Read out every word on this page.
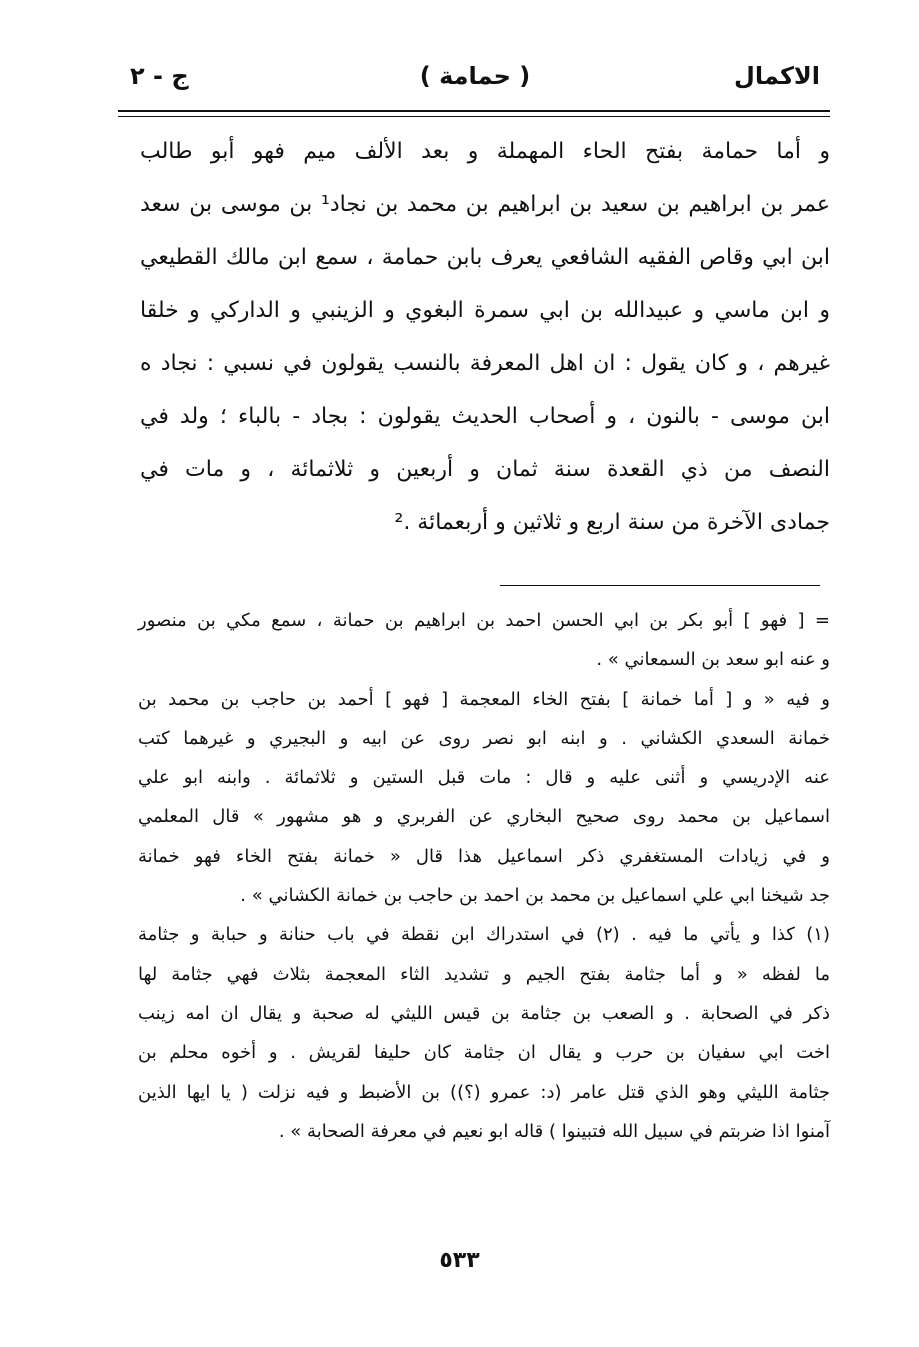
الاكمال
( حمامة )
ج - ٢
و أما حمامة بفتح الحاء المهملة و بعد الألف ميم فهو أبو طالب
عمر بن ابراهيم بن سعيد بن ابراهيم بن محمد بن نجاد¹ بن موسى بن سعد
ابن ابي وقاص الفقيه الشافعي يعرف بابن حمامة ، سمع ابن مالك القطيعي
و ابن ماسي و عبيدالله بن ابي سمرة البغوي و الزينبي و الداركي و خلقا
غيرهم ، و كان يقول : ان اهل المعرفة بالنسب يقولون في نسبي : نجاد ه
ابن موسى - بالنون ، و أصحاب الحديث يقولون : بجاد - بالباء ؛ ولد في
النصف من ذي القعدة سنة ثمان و أربعين و ثلاثمائة ، و مات في
جمادى الآخرة من سنة اربع و ثلاثين و أربعمائة .²
= [ فهو ] أبو بكر بن ابي الحسن احمد بن ابراهيم بن حمانة ، سمع مكي بن منصور
و عنه ابو سعد بن السمعاني » .
و فيه « و [ أما خمانة ] بفتح الخاء المعجمة [ فهو ] أحمد بن حاجب بن محمد بن
خمانة السعدي الكشاني . و ابنه ابو نصر روى عن ابيه و البجيري و غيرهما كتب
عنه الإدريسي و أثنى عليه و قال : مات قبل الستين و ثلاثمائة . وابنه ابو علي
اسماعيل بن محمد روى صحيح البخاري عن الفربري و هو مشهور » قال المعلمي
و في زيادات المستغفري ذكر اسماعيل هذا قال « خمانة بفتح الخاء فهو خمانة
جد شيخنا ابي علي اسماعيل بن محمد بن احمد بن حاجب بن خمانة الكشاني » .
(١) كذا و يأتي ما فيه . (٢) في استدراك ابن نقطة في باب حنانة و حبابة و جثامة
ما لفظه « و أما جثامة بفتح الجيم و تشديد الثاء المعجمة بثلاث فهي جثامة لها
ذكر في الصحابة . و الصعب بن جثامة بن قيس الليثي له صحبة و يقال ان امه زينب
اخت ابي سفيان بن حرب و يقال ان جثامة كان حليفا لقريش . و أخوه محلم بن
جثامة الليثي وهو الذي قتل عامر (د: عمرو (؟)) بن الأضبط و فيه نزلت ( يا ايها الذين
آمنوا اذا ضربتم في سبيل الله فتبينوا ) قاله ابو نعيم في معرفة الصحابة » .
٥٣٣
